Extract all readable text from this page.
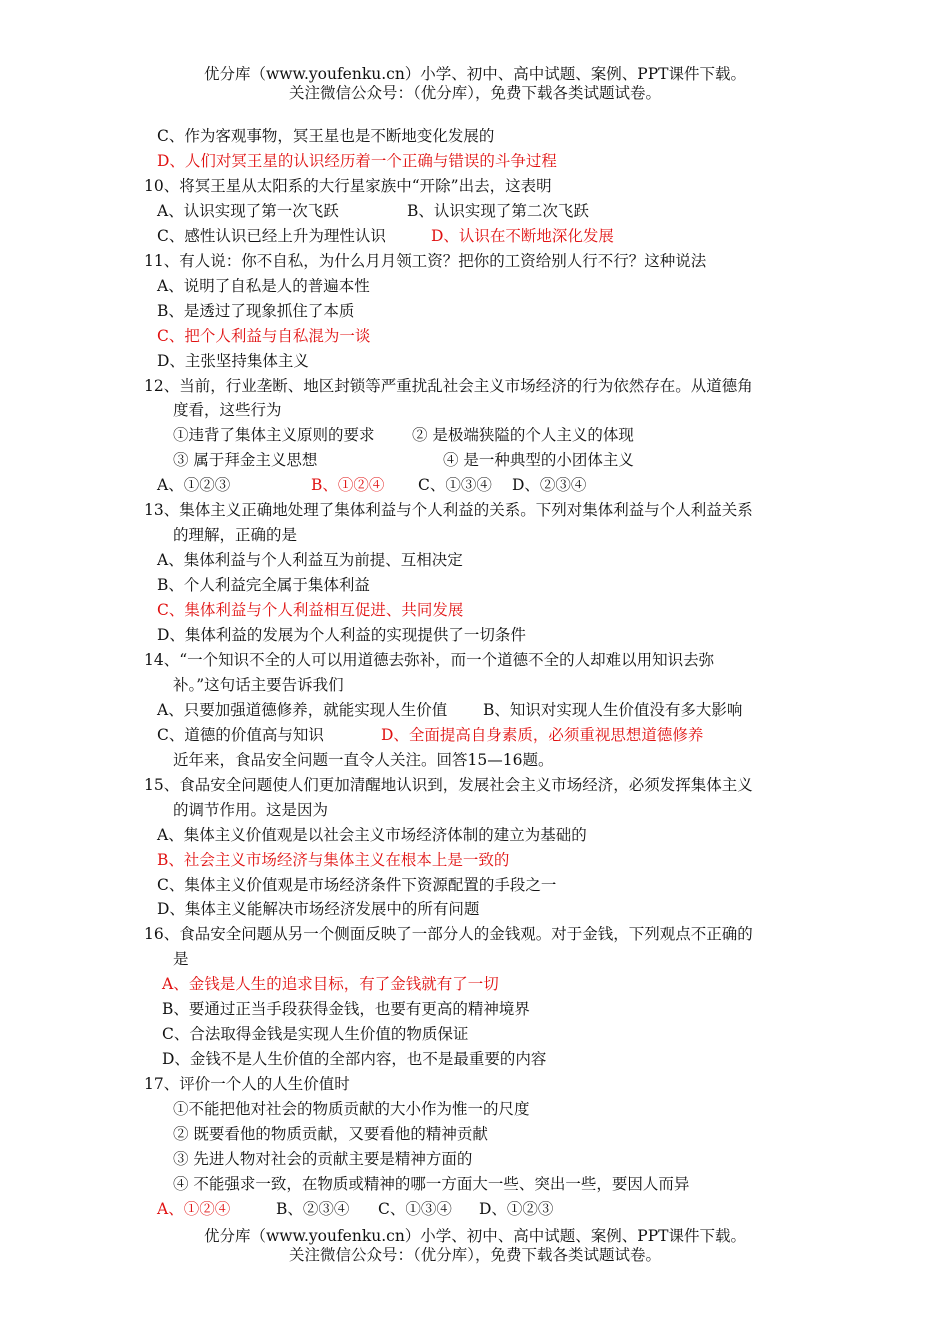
优分库（www.youfenku.cn）小学、初中、高中试题、案例、PPT课件下载。
关注微信公众号：（优分库），免费下载各类试题试卷。
C、作为客观事物，冥王星也是不断地变化发展的
D、人们对冥王星的认识经历着一个正确与错误的斗争过程
10、将冥王星从太阳系的大行星家族中“开除”出去，这表明
A、认识实现了第一次飞跃	B、认识实现了第二次飞跃
C、感性认识已经上升为理性认识	D、认识在不断地深化发展
11、有人说：你不自私，为什么月月领工资？把你的工资给别人行不行？这种说法
A、说明了自私是人的普遍本性
B、是透过了现象抓住了本质
C、把个人利益与自私混为一谈
D、主张坚持集体主义
12、当前，行业垄断、地区封锁等严重扰乱社会主义市场经济的行为依然存在。从道德角
度看，这些行为
①违背了集体主义原则的要求 ② 是极端狭隘的个人主义的体现
③ 属于拜金主义思想	④ 是一种典型的小团体主义
A、①②③	B、①②④ C、①③④ D、②③④
13、集体主义正确地处理了集体利益与个人利益的关系。下列对集体利益与个人利益关系
的理解，正确的是
A、集体利益与个人利益互为前提、互相决定
B、个人利益完全属于集体利益
C、集体利益与个人利益相互促进、共同发展
D、集体利益的发展为个人利益的实现提供了一切条件
14、“一个知识不全的人可以用道德去弥补，而一个道德不全的人却难以用知识去弥
补。”这句话主要告诉我们
A、只要加强道德修养，就能实现人生价值 B、知识对实现人生价值没有多大影响
C、道德的价值高与知识	D、全面提高自身素质，必须重视思想道德修养
近年来，食品安全问题一直令人关注。回答15—16题。
15、食品安全问题使人们更加清醒地认识到，发展社会主义市场经济，必须发挥集体主义
的调节作用。这是因为
A、集体主义价值观是以社会主义市场经济体制的建立为基础的
B、社会主义市场经济与集体主义在根本上是一致的
C、集体主义价值观是市场经济条件下资源配置的手段之一
D、集体主义能解决市场经济发展中的所有问题
16、食品安全问题从另一个侧面反映了一部分人的金钱观。对于金钱，下列观点不正确的
是
A、金钱是人生的追求目标，有了金钱就有了一切
B、要通过正当手段获得金钱，也要有更高的精神境界
C、合法取得金钱是实现人生价值的物质保证
D、金钱不是人生价值的全部内容，也不是最重要的内容
17、评价一个人的人生价值时
①不能把他对社会的物质贡献的大小作为惟一的尺度
② 既要看他的物质贡献，又要看他的精神贡献
③ 先进人物对社会的贡献主要是精神方面的
④ 不能强求一致，在物质或精神的哪一方面大一些、突出一些，要因人而异
A、①②④	B、②③④ C、①③④ D、①②③
优分库（www.youfenku.cn）小学、初中、高中试题、案例、PPT课件下载。
关注微信公众号：（优分库），免费下载各类试题试卷。
